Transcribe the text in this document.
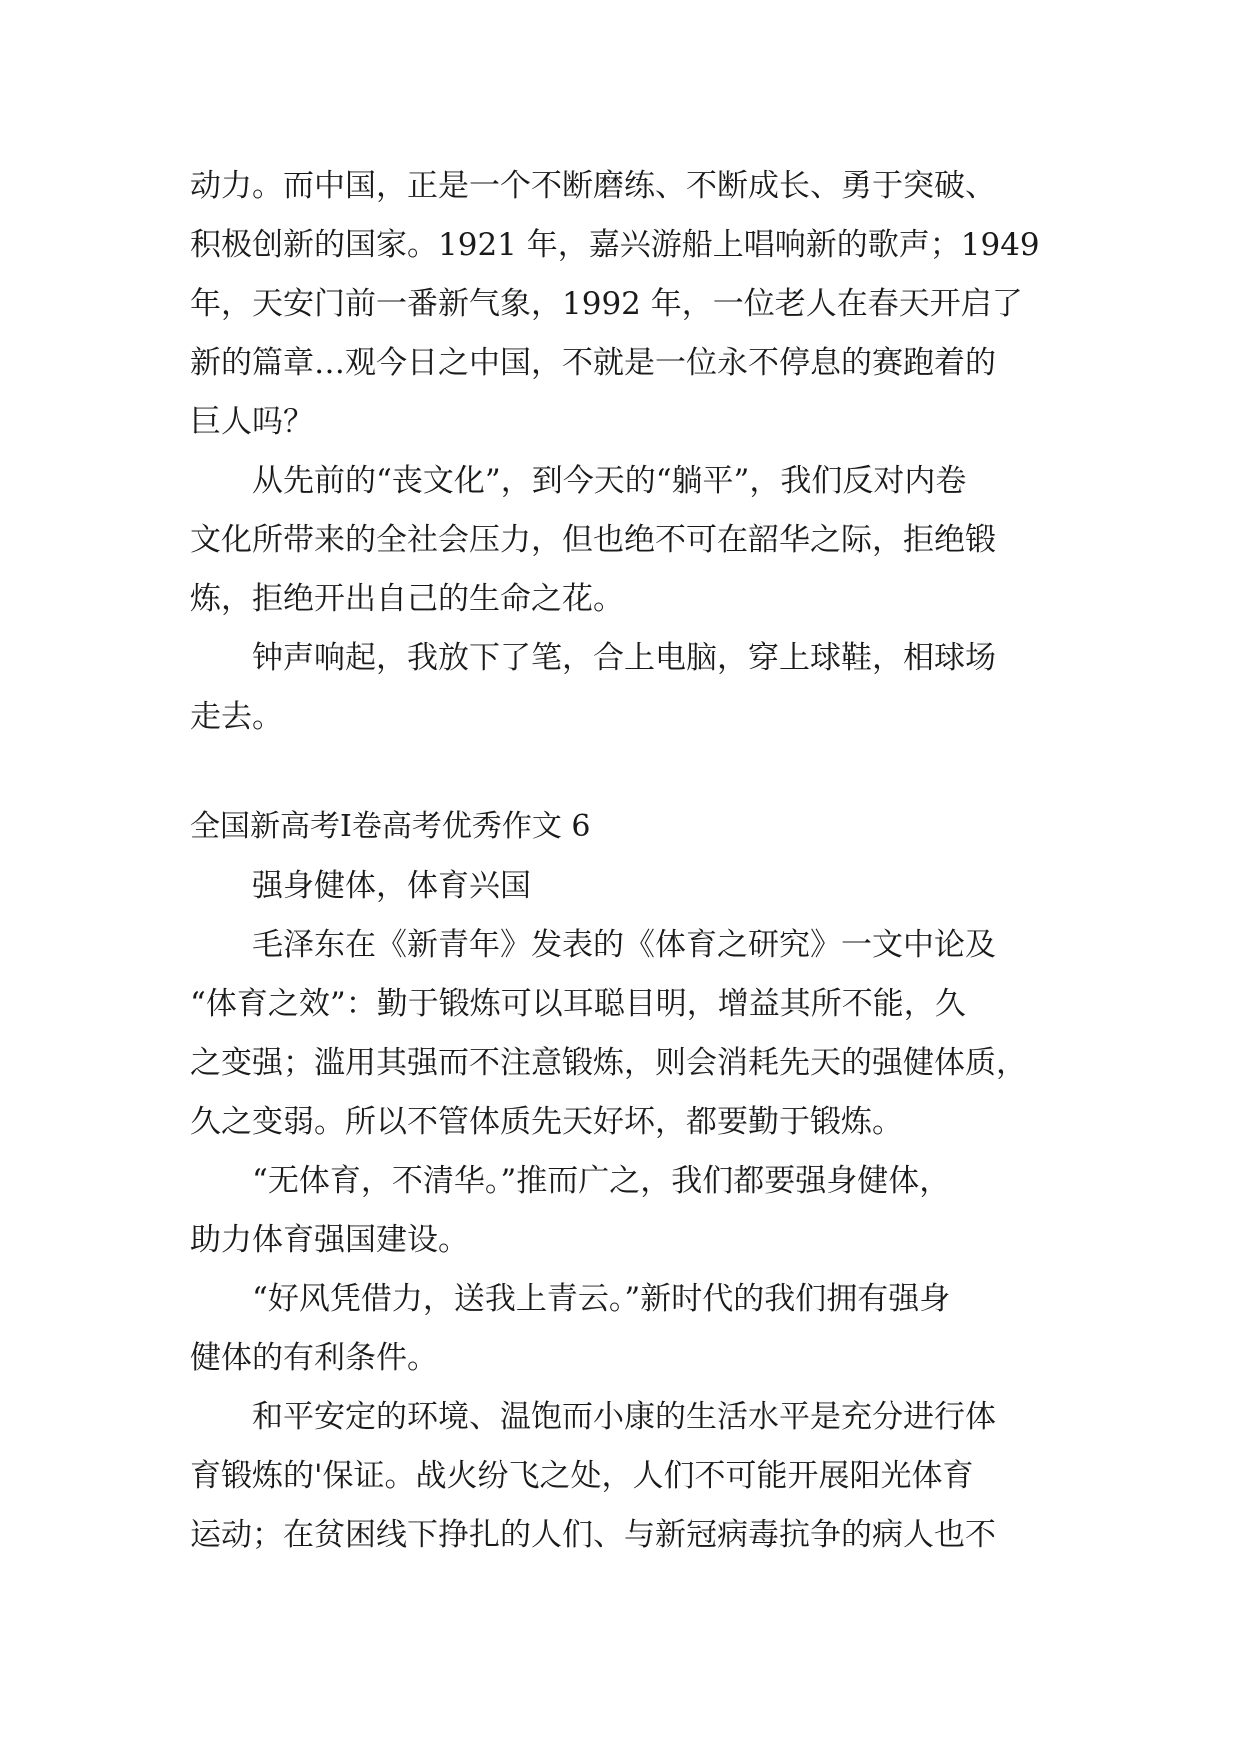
动力。而中国，正是一个不断磨练、不断成长、勇于突破、
积极创新的国家。1921 年，嘉兴游船上唱响新的歌声；1949
年，天安门前一番新气象，1992 年，一位老人在春天开启了
新的篇章…观今日之中国，不就是一位永不停息的赛跑着的
巨人吗？
从先前的“丧文化”，到今天的“躺平”，我们反对内卷
文化所带来的全社会压力，但也绝不可在韶华之际，拒绝锻
炼，拒绝开出自己的生命之花。
钟声响起，我放下了笔，合上电脑，穿上球鞋，相球场
走去。
全国新高考Ⅰ卷高考优秀作文 6
强身健体，体育兴国
毛泽东在《新青年》发表的《体育之研究》一文中论及
“体育之效”：勤于锻炼可以耳聪目明，增益其所不能，久
之变强；滥用其强而不注意锻炼，则会消耗先天的强健体质，
久之变弱。所以不管体质先天好坏，都要勤于锻炼。
“无体育，不清华。”推而广之，我们都要强身健体，
助力体育强国建设。
“好风凭借力，送我上青云。”新时代的我们拥有强身
健体的有利条件。
和平安定的环境、温饱而小康的生活水平是充分进行体
育锻炼的'保证。战火纷飞之处，人们不可能开展阳光体育
运动；在贫困线下挣扎的人们、与新冠病毒抗争的病人也不
